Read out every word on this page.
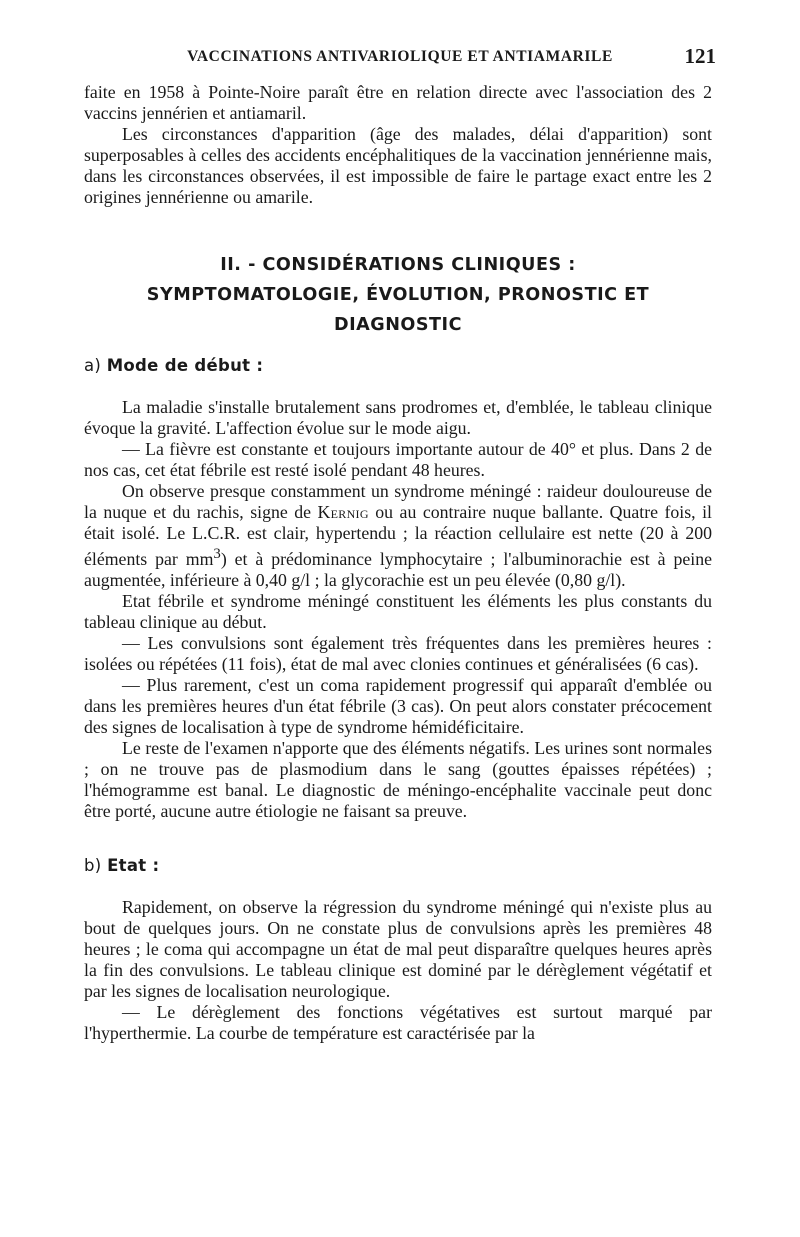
VACCINATIONS ANTIVARIOLIQUE ET ANTIAMARILE	121

faite en 1958 à Pointe-Noire paraît être en relation directe avec l'association des 2 vaccins jennérien et antiamaril.

Les circonstances d'apparition (âge des malades, délai d'apparition) sont superposables à celles des accidents encéphalitiques de la vaccination jennérienne mais, dans les circonstances observées, il est impossible de faire le partage exact entre les 2 origines jennérienne ou amarile.

II. - CONSIDÉRATIONS CLINIQUES :
SYMPTOMATOLOGIE, ÉVOLUTION, PRONOSTIC ET DIAGNOSTIC
a) Mode de début :

La maladie s'installe brutalement sans prodromes et, d'emblée, le tableau clinique évoque la gravité. L'affection évolue sur le mode aigu.

— La fièvre est constante et toujours importante autour de 40° et plus. Dans 2 de nos cas, cet état fébrile est resté isolé pendant 48 heures.

On observe presque constamment un syndrome méningé : raideur douloureuse de la nuque et du rachis, signe de Kernig ou au contraire nuque ballante. Quatre fois, il était isolé. Le L.C.R. est clair, hypertendu ; la réaction cellulaire est nette (20 à 200 éléments par $mm^3$) et à prédominance lymphocytaire ; l'albuminorachie est à peine augmentée, inférieure à 0,40 g/l ; la glycorachie est un peu élevée (0,80 g/l).

Etat fébrile et syndrome méningé constituent les éléments les plus constants du tableau clinique au début.

— Les convulsions sont également très fréquentes dans les premières heures : isolées ou répétées (11 fois), état de mal avec clonies continues et généralisées (6 cas).

— Plus rarement, c'est un coma rapidement progressif qui apparaît d'emblée ou dans les premières heures d'un état fébrile (3 cas). On peut alors constater précocement des signes de localisation à type de syndrome hémidéficitaire.

Le reste de l'examen n'apporte que des éléments négatifs. Les urines sont normales ; on ne trouve pas de plasmodium dans le sang (gouttes épaisses répétées) ; l'hémogramme est banal. Le diagnostic de méningo-encéphalite vaccinale peut donc être porté, aucune autre étiologie ne faisant sa preuve.

b) Etat :

Rapidement, on observe la régression du syndrome méningé qui n'existe plus au bout de quelques jours. On ne constate plus de convulsions après les premières 48 heures ; le coma qui accompagne un état de mal peut disparaître quelques heures après la fin des convulsions. Le tableau clinique est dominé par le dérèglement végétatif et par les signes de localisation neurologique.

— Le dérèglement des fonctions végétatives est surtout marqué par l'hyperthermie. La courbe de température est caractérisée par la
